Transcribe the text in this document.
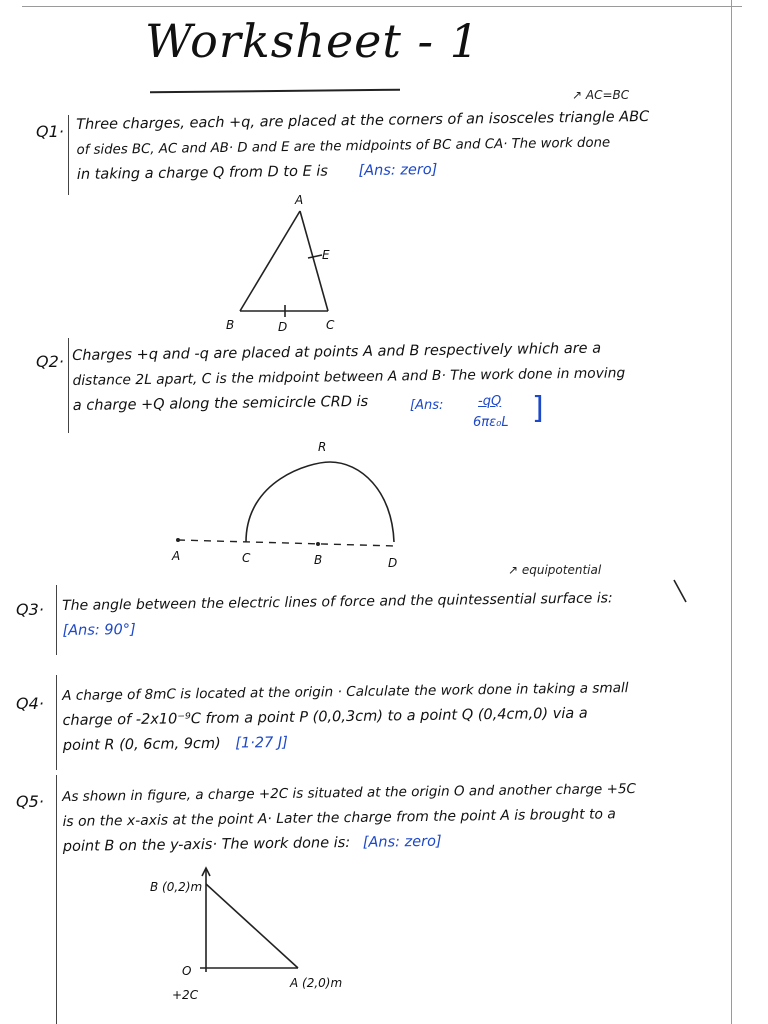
Worksheet - 1
↗ AC=BC
Q1· Three charges, each +q, are placed at the corners of an isosceles triangle ABC
of sides BC, AC and AB· D and E are the midpoints of BC and CA· The work done
in taking a charge Q from D to E is [Ans: zero]
A
E
B	D	C
Q2· Charges +q and -q are placed at points A and B respectively which are a
distance 2L apart, C is the midpoint between A and B· The work done in moving
a charge +Q along the semicircle CRD is	[Ans:	-qQ
6πε₀L ]
R
A	C	B	D	↗ equipotential
Q3· The angle between the electric lines of force and the quintessential surface is:
[Ans: 90°]
Q4· A charge of 8mC is located at the origin · Calculate the work done in taking a small
charge of -2x10⁻⁹C from a point P (0,0,3cm) to a point Q (0,4cm,0) via a
point R (0, 6cm, 9cm) [1·27 J]
Q5· As shown in figure, a charge +2C is situated at the origin O and another charge +5C
is on the x-axis at the point A· Later the charge from the point A is brought to a
point B on the y-axis· The work done is: [Ans: zero]
B (0,2)m
O
+2C
A (2,0)m
